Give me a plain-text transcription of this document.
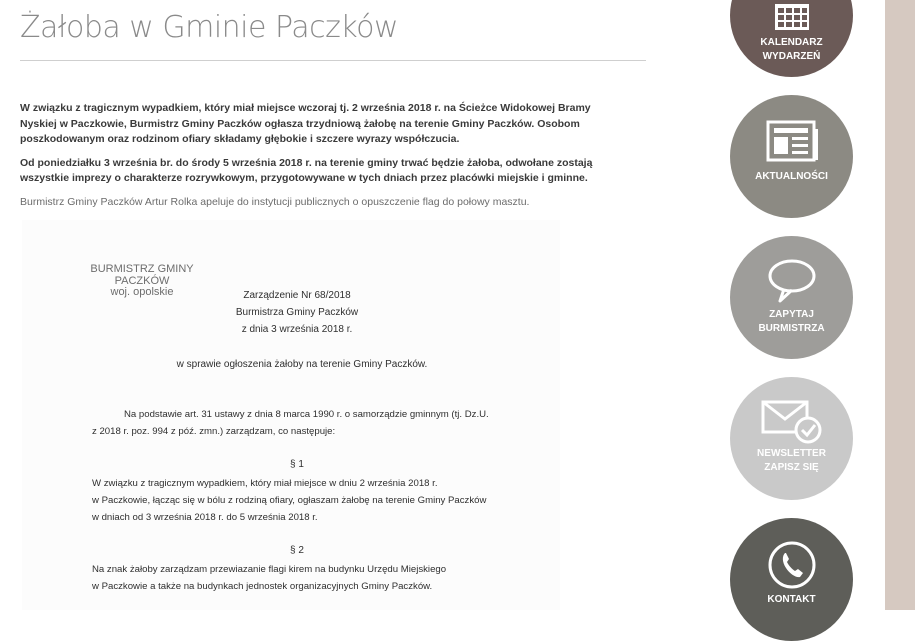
Żałoba w Gminie Paczków

W związku z tragicznym wypadkiem, który miał miejsce wczoraj tj. 2 września 2018 r. na Ścieżce Widokowej Bramy Nyskiej w Paczkowie, Burmistrz Gminy Paczków ogłasza trzydniową żałobę na terenie Gminy Paczków. Osobom poszkodowanym oraz rodzinom ofiary składamy głębokie i szczere wyrazy współczucia.

Od poniedziałku 3 września br. do środy 5 września 2018 r. na terenie gminy trwać będzie żałoba, odwołane zostają wszystkie imprezy o charakterze rozrywkowym, przygotowywane w tych dniach przez placówki miejskie i gminne.

Burmistrz Gminy Paczków Artur Rolka apeluje do instytucji publicznych o opuszczenie flag do połowy masztu.

BURMISTRZ GMINY
PACZKÓW
woj. opolskie	Zarządzenie Nr 68/2018
Burmistrza Gminy Paczków
z dnia 3 września 2018 r.
w sprawie ogłoszenia żałoby na terenie Gminy Paczków.
Na podstawie art. 31 ustawy z dnia 8 marca 1990 r. o samorządzie gminnym (tj. Dz.U.
z 2018 r. poz. 994 z póź. zmn.) zarządzam, co następuje:
§ 1
W związku z tragicznym wypadkiem, który miał miejsce w dniu 2 września 2018 r.
w Paczkowie, łącząc się w bólu z rodziną ofiary, ogłaszam żałobę na terenie Gminy Paczków
w dniach od 3 września 2018 r. do 5 września 2018 r.
§ 2
Na znak żałoby zarządzam przewiazanie flagi kirem na budynku Urzędu Miejskiego
w Paczkowie a także na budynkach jednostek organizacyjnych Gminy Paczków.
KALENDARZ
WYDARZEŃ
AKTUALNOŚCI
ZAPYTAJ
BURMISTRZA
NEWSLETTER
ZAPISZ SIĘ
KONTAKT
